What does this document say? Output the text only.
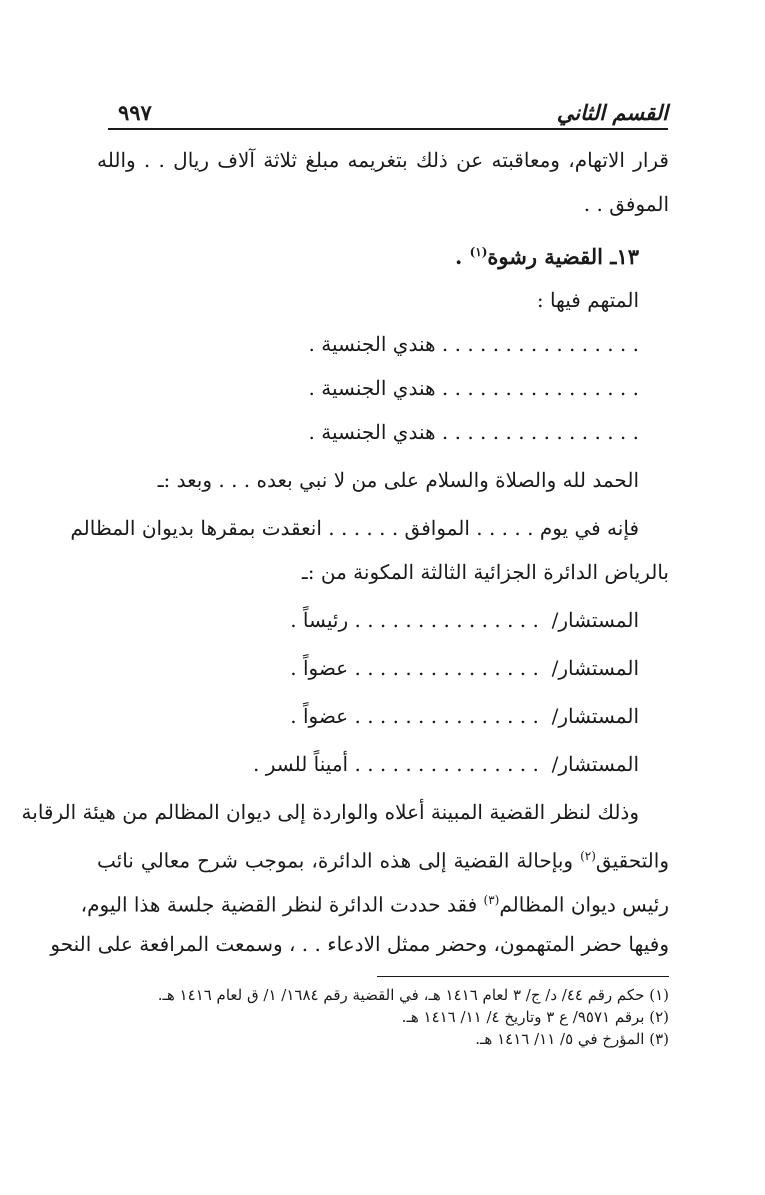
القسم الثاني
٩٩٧
قرار الاتهام، ومعاقبته عن ذلك بتغريمه مبلغ ثلاثة آلاف ريال . . والله
الموفق . .
١٣ـ القضية رشوة$^{(١)}$ .
المتهم فيها :
. . . . . . . . . . . . . . . . هندي الجنسية .
. . . . . . . . . . . . . . . . هندي الجنسية .
. . . . . . . . . . . . . . . . هندي الجنسية .
الحمد لله والصلاة والسلام على من لا نبي بعده . . . وبعد :ـ
فإنه في يوم . . . . . الموافق . . . . . . انعقدت بمقرها بديوان المظالم
بالرياض الدائرة الجزائية الثالثة المكونة من :ـ
المستشار/  . . . . . . . . . . . . . . . رئيساً .
المستشار/  . . . . . . . . . . . . . . . عضواً .
المستشار/  . . . . . . . . . . . . . . . عضواً .
المستشار/  . . . . . . . . . . . . . . . أميناً للسر .
وذلك لنظر القضية المبينة أعلاه والواردة إلى ديوان المظالم من هيئة الرقابة
والتحقيق$^{(٢)}$ وبإحالة القضية إلى هذه الدائرة، بموجب شرح معالي نائب
رئيس ديوان المظالم$^{(٣)}$ فقد حددت الدائرة لنظر القضية جلسة هذا اليوم،
وفيها حضر المتهمون، وحضر ممثل الادعاء . . ، وسمعت المرافعة على النحو
(١) حكم رقم ٤٤/ د/ ج/ ٣ لعام ١٤١٦ هـ، في القضية رقم ١٦٨٤/ ١/ ق لعام ١٤١٦ هـ.
(٢) برقم ٩٥٧١/ ع ٣ وتاريخ ٤/ ١١/ ١٤١٦ هـ.
(٣) المؤرخ في ٥/ ١١/ ١٤١٦ هـ.
